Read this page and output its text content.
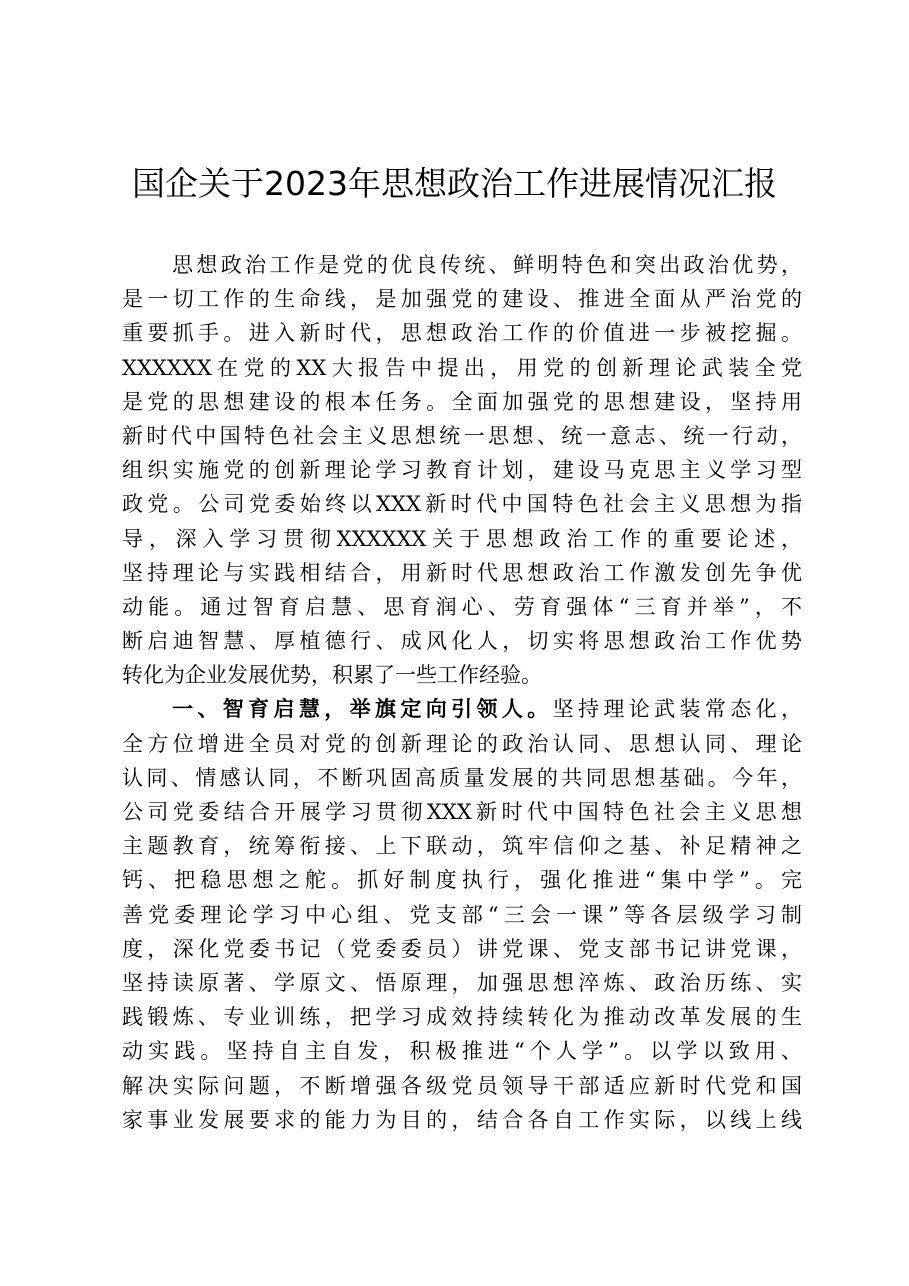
国企关于2023年思想政治工作进展情况汇报
思想政治工作是党的优良传统、鲜明特色和突出政治优势，
是一切工作的生命线，是加强党的建设、推进全面从严治党的
重要抓手。进入新时代，思想政治工作的价值进一步被挖掘。
XXXXXX在党的XX大报告中提出，用党的创新理论武装全党
是党的思想建设的根本任务。全面加强党的思想建设，坚持用
新时代中国特色社会主义思想统一思想、统一意志、统一行动，
组织实施党的创新理论学习教育计划，建设马克思主义学习型
政党。公司党委始终以XXX新时代中国特色社会主义思想为指
导，深入学习贯彻XXXXXX关于思想政治工作的重要论述，
坚持理论与实践相结合，用新时代思想政治工作激发创先争优
动能。通过智育启慧、思育润心、劳育强体“三育并举”，不
断启迪智慧、厚植德行、成风化人，切实将思想政治工作优势
转化为企业发展优势，积累了一些工作经验。
一、智育启慧，举旗定向引领人。坚持理论武装常态化，
全方位增进全员对党的创新理论的政治认同、思想认同、理论
认同、情感认同，不断巩固高质量发展的共同思想基础。今年，
公司党委结合开展学习贯彻XXX新时代中国特色社会主义思想
主题教育，统筹衔接、上下联动，筑牢信仰之基、补足精神之
钙、把稳思想之舵。抓好制度执行，强化推进“集中学”。完
善党委理论学习中心组、党支部“三会一课”等各层级学习制
度，深化党委书记（党委委员）讲党课、党支部书记讲党课，
坚持读原著、学原文、悟原理，加强思想淬炼、政治历练、实
践锻炼、专业训练，把学习成效持续转化为推动改革发展的生
动实践。坚持自主自发，积极推进“个人学”。以学以致用、
解决实际问题，不断增强各级党员领导干部适应新时代党和国
家事业发展要求的能力为目的，结合各自工作实际，以线上线
